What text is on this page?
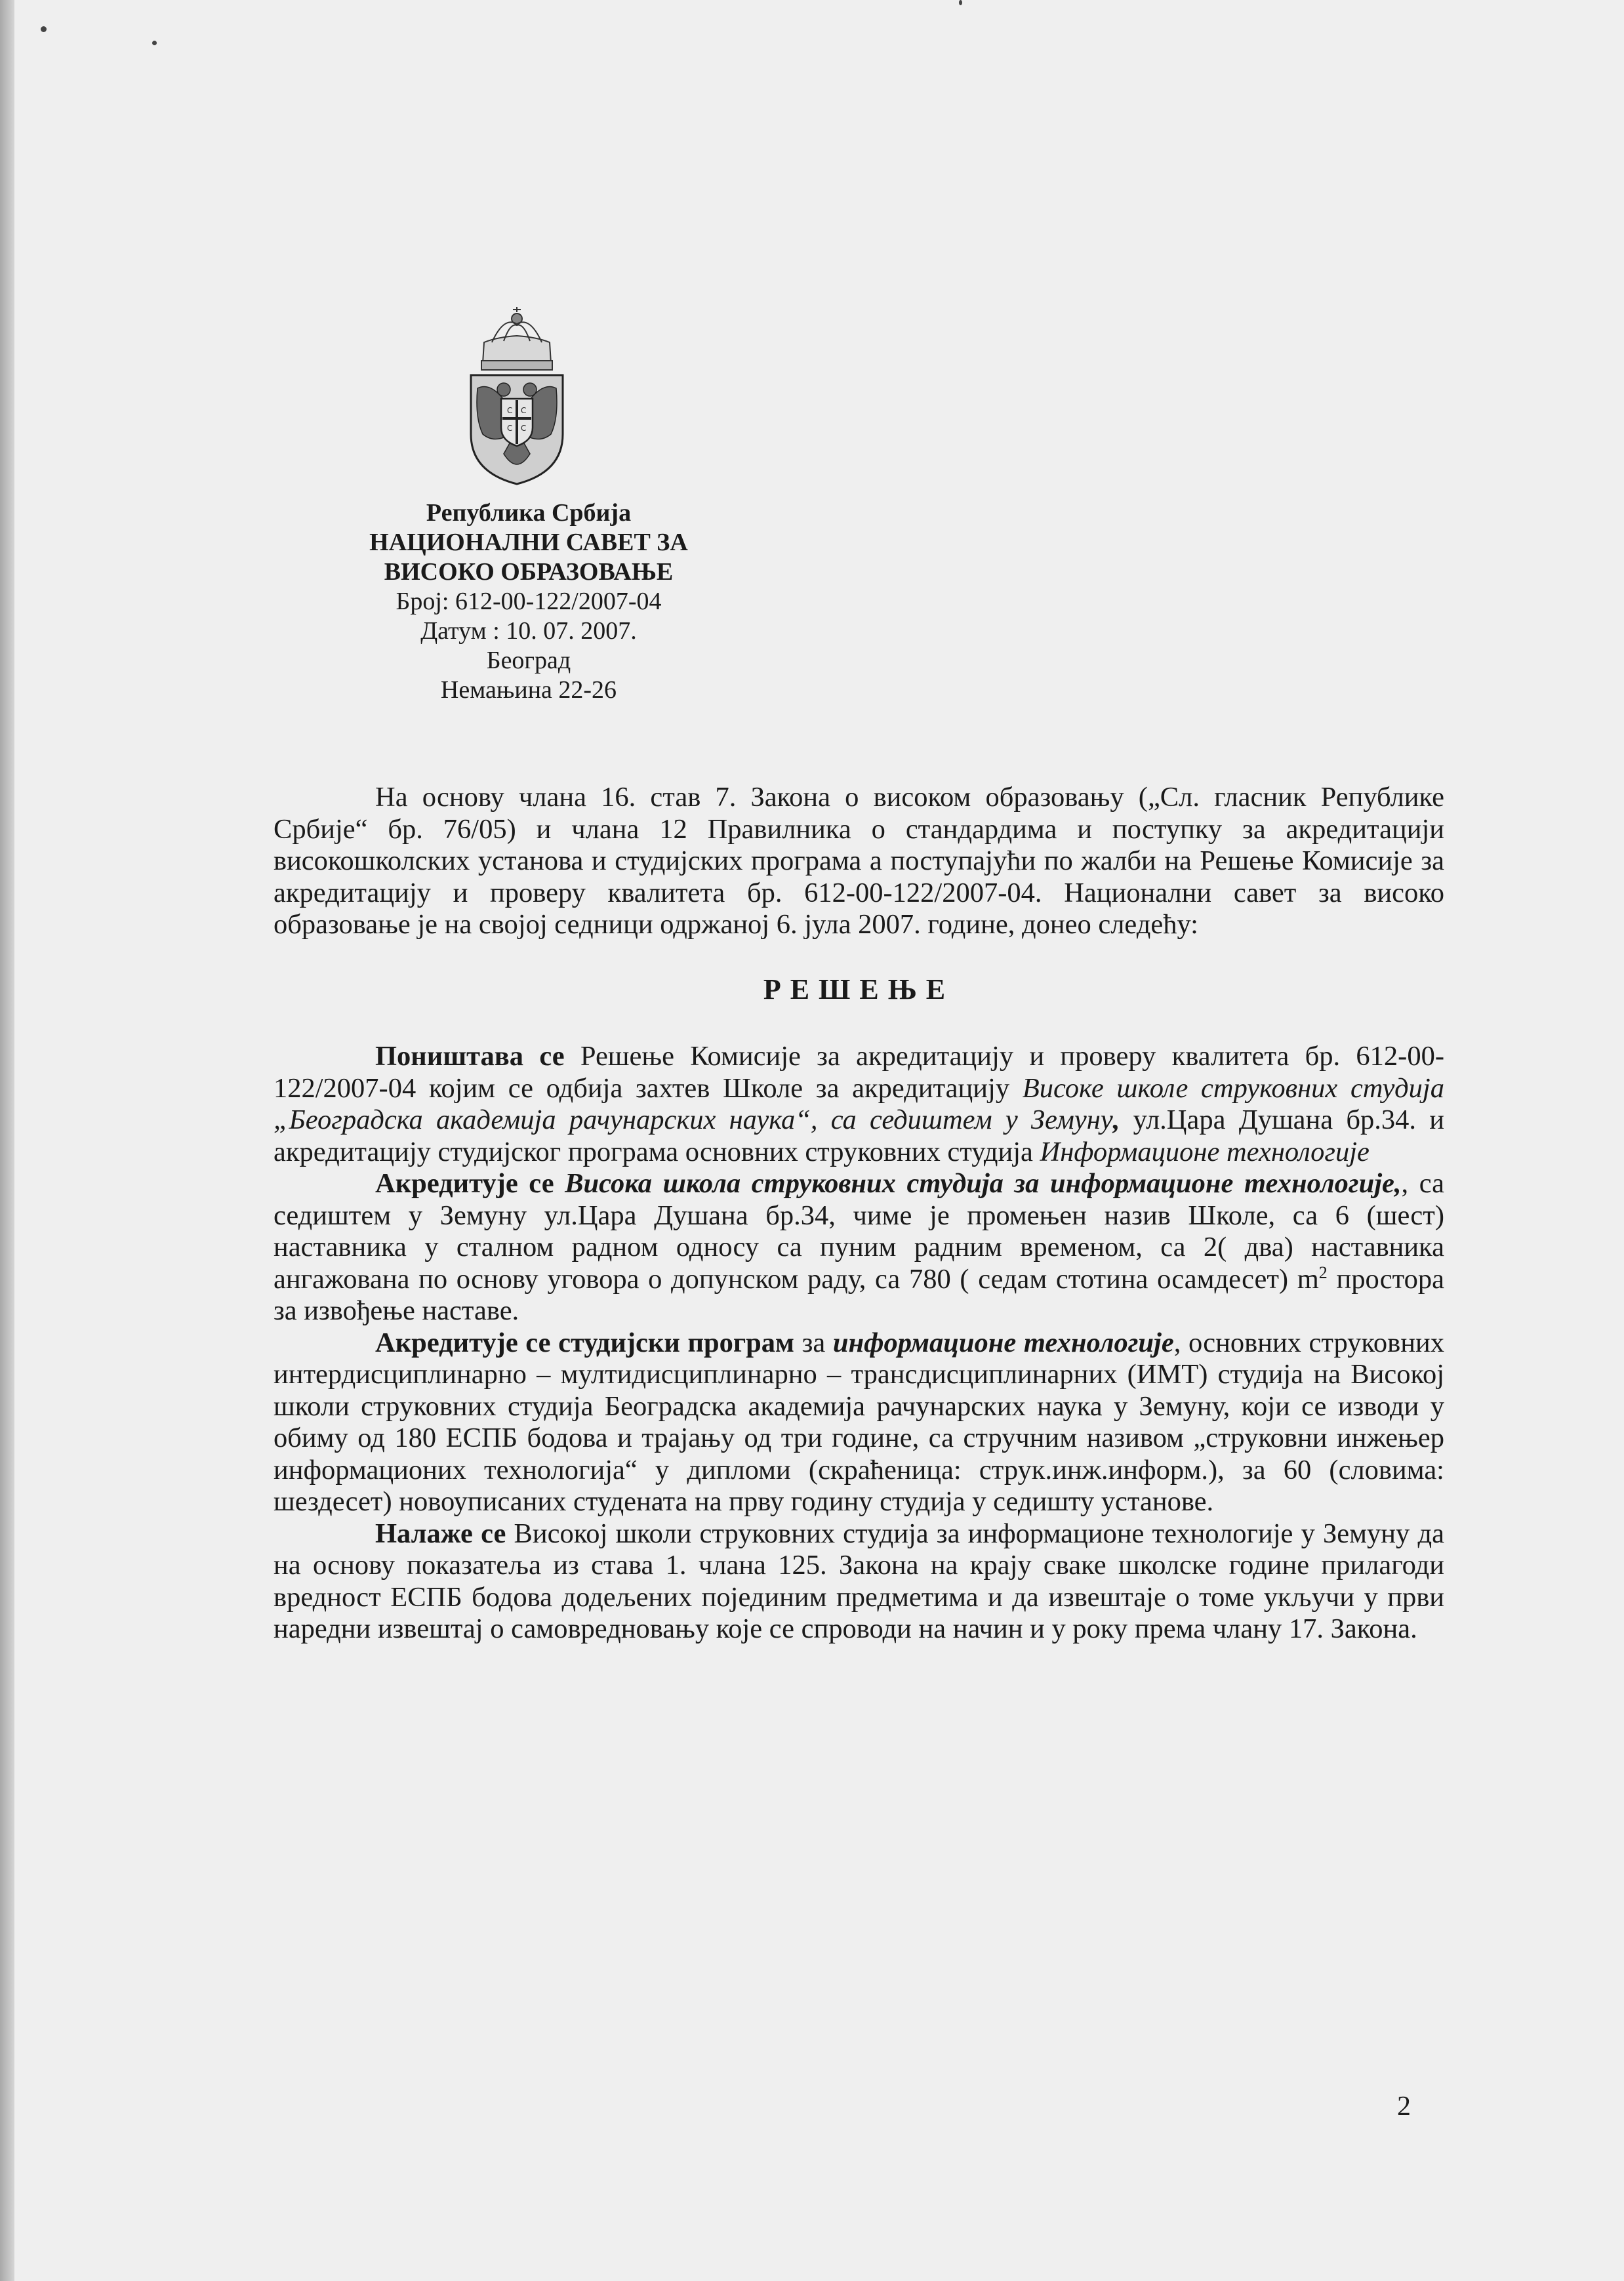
С С
С С
Република Србија
НАЦИОНАЛНИ САВЕТ ЗА
ВИСОКО ОБРАЗОВАЊЕ
Број: 612-00-122/2007-04
Датум : 10. 07. 2007.
Београд
Немањина 22-26

На основу члана 16. став 7. Закона о високом образовању („Сл. гласник Републике Србије“ бр. 76/05) и члана 12 Правилника о стандардима и поступку за акредитацији високошколских установа и студијских програма а поступајући по жалби на Решење Комисије за акредитацију и проверу квалитета бр. 612-00-122/2007-04. Национални савет за високо образовање је на својој седници одржаној 6. јула 2007. године, донео следећу:

РЕШЕЊЕ

Поништава се Решење Комисије за акредитацију и проверу квалитета бр. 612-00-122/2007-04 којим се одбија захтев Школе за акредитацију Високе школе струковних студија „Београдска академија рачунарских наука“, са седиштем у Земуну, ул.Цара Душана бр.34. и акредитацију студијског програма основних струковних студија Информационе технологије

Акредитује се Висока школа струковних студија за информационе технологије,, са седиштем у Земуну ул.Цара Душана бр.34, чиме је промењен назив Школе, са 6 (шест) наставника у сталном радном односу са пуним радним временом, са 2( два) наставника ангажована по основу уговора о допунском раду, са 780 ( седам стотина осамдесет) $m^2$ простора за извођење наставе.

Акредитује се студијски програм за информационе технологије, основних струковних интердисциплинарно – мултидисциплинарно – трансдисциплинарних (ИМТ) студија на Високој школи струковних студија Београдска академија рачунарских наука у Земуну, који се изводи у обиму од 180 ЕСПБ бодова и трајању од три године, са стручним називом „струковни инжењер информационих технологија“ у дипломи (скраћеница: струк.инж.информ.), за 60 (словима: шездесет) новоуписаних студената на прву годину студија у седишту установе.

Налаже се Високој школи струковних студија за информационе технологије у Земуну да на основу показатеља из става 1. члана 125. Закона на крају сваке школске године прилагоди вредност ЕСПБ бодова додељених појединим предметима и да извештаје о томе укључи у први наредни извештај о самовредновању које се спроводи на начин и у року према члану 17. Закона.

2
